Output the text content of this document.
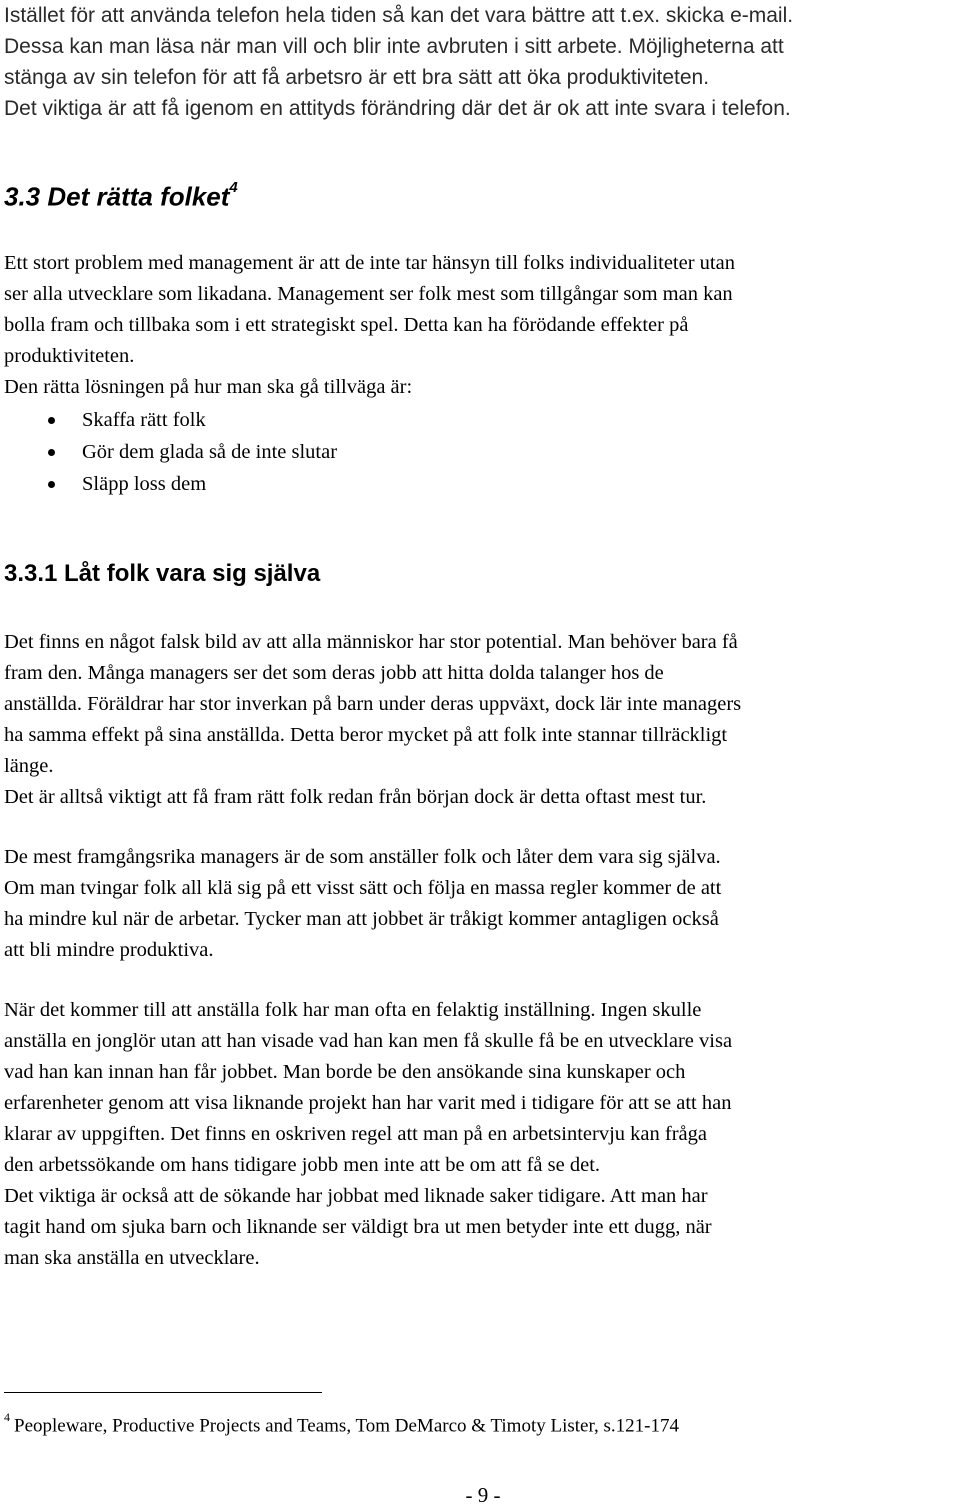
Istället för att använda telefon hela tiden så kan det vara bättre att t.ex. skicka e-mail.
Dessa kan man läsa när man vill och blir inte avbruten i sitt arbete. Möjligheterna att
stänga av sin telefon för att få arbetsro är ett bra sätt att öka produktiviteten.
Det viktiga är att få igenom en attityds förändring där det är ok att inte svara i telefon.
3.3 Det rätta folket$^4$
Ett stort problem med management är att de inte tar hänsyn till folks individualiteter utan
ser alla utvecklare som likadana. Management ser folk mest som tillgångar som man kan
bolla fram och tillbaka som i ett strategiskt spel. Detta kan ha förödande effekter på
produktiviteten.
Den rätta lösningen på hur man ska gå tillväga är:
Skaffa rätt folk
Gör dem glada så de inte slutar
Släpp loss dem
3.3.1 Låt folk vara sig själva
Det finns en något falsk bild av att alla människor har stor potential. Man behöver bara få
fram den. Många managers ser det som deras jobb att hitta dolda talanger hos de
anställda. Föräldrar har stor inverkan på barn under deras uppväxt, dock lär inte managers
ha samma effekt på sina anställda. Detta beror mycket på att folk inte stannar tillräckligt
länge.
Det är alltså viktigt att få fram rätt folk redan från början dock är detta oftast mest tur.
De mest framgångsrika managers är de som anställer folk och låter dem vara sig själva.
Om man tvingar folk all klä sig på ett visst sätt och följa en massa regler kommer de att
ha mindre kul när de arbetar. Tycker man att jobbet är tråkigt kommer antagligen också
att bli mindre produktiva.
När det kommer till att anställa folk har man ofta en felaktig inställning. Ingen skulle
anställa en jonglör utan att han visade vad han kan men få skulle få be en utvecklare visa
vad han kan innan han får jobbet. Man borde be den ansökande sina kunskaper och
erfarenheter genom att visa liknande projekt han har varit med i tidigare för att se att han
klarar av uppgiften. Det finns en oskriven regel att man på en arbetsintervju kan fråga
den arbetssökande om hans tidigare jobb men inte att be om att få se det.
Det viktiga är också att de sökande har jobbat med liknade saker tidigare. Att man har
tagit hand om sjuka barn och liknande ser väldigt bra ut men betyder inte ett dugg, när
man ska anställa en utvecklare.

$^4$ Peopleware, Productive Projects and Teams, Tom DeMarco & Timoty Lister, s.121-174

- 9 -
